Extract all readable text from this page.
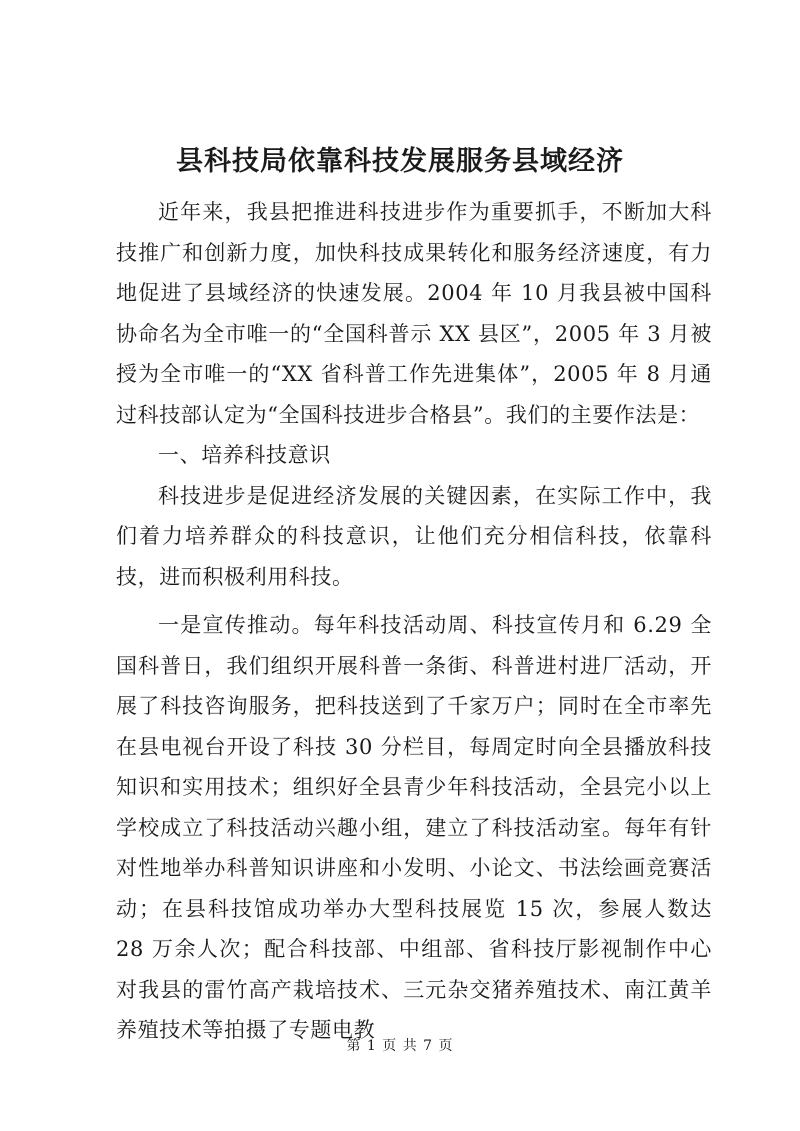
县科技局依靠科技发展服务县域经济

近年来，我县把推进科技进步作为重要抓手，不断加大科技推广和创新力度，加快科技成果转化和服务经济速度，有力地促进了县域经济的快速发展。2004 年 10 月我县被中国科协命名为全市唯一的“全国科普示 XX 县区”，2005 年 3 月被授为全市唯一的“XX 省科普工作先进集体”，2005 年 8 月通过科技部认定为“全国科技进步合格县”。我们的主要作法是：

一、培养科技意识

科技进步是促进经济发展的关键因素，在实际工作中，我们着力培养群众的科技意识，让他们充分相信科技，依靠科技，进而积极利用科技。

一是宣传推动。每年科技活动周、科技宣传月和 6.29 全国科普日，我们组织开展科普一条街、科普进村进厂活动，开展了科技咨询服务，把科技送到了千家万户；同时在全市率先在县电视台开设了科技 30 分栏目，每周定时向全县播放科技知识和实用技术；组织好全县青少年科技活动，全县完小以上学校成立了科技活动兴趣小组，建立了科技活动室。每年有针对性地举办科普知识讲座和小发明、小论文、书法绘画竞赛活动；在县科技馆成功举办大型科技展览 15 次，参展人数达 28 万余人次；配合科技部、中组部、省科技厅影视制作中心对我县的雷竹高产栽培技术、三元杂交猪养殖技术、南江黄羊养殖技术等拍摄了专题电教

第 1 页 共 7 页
